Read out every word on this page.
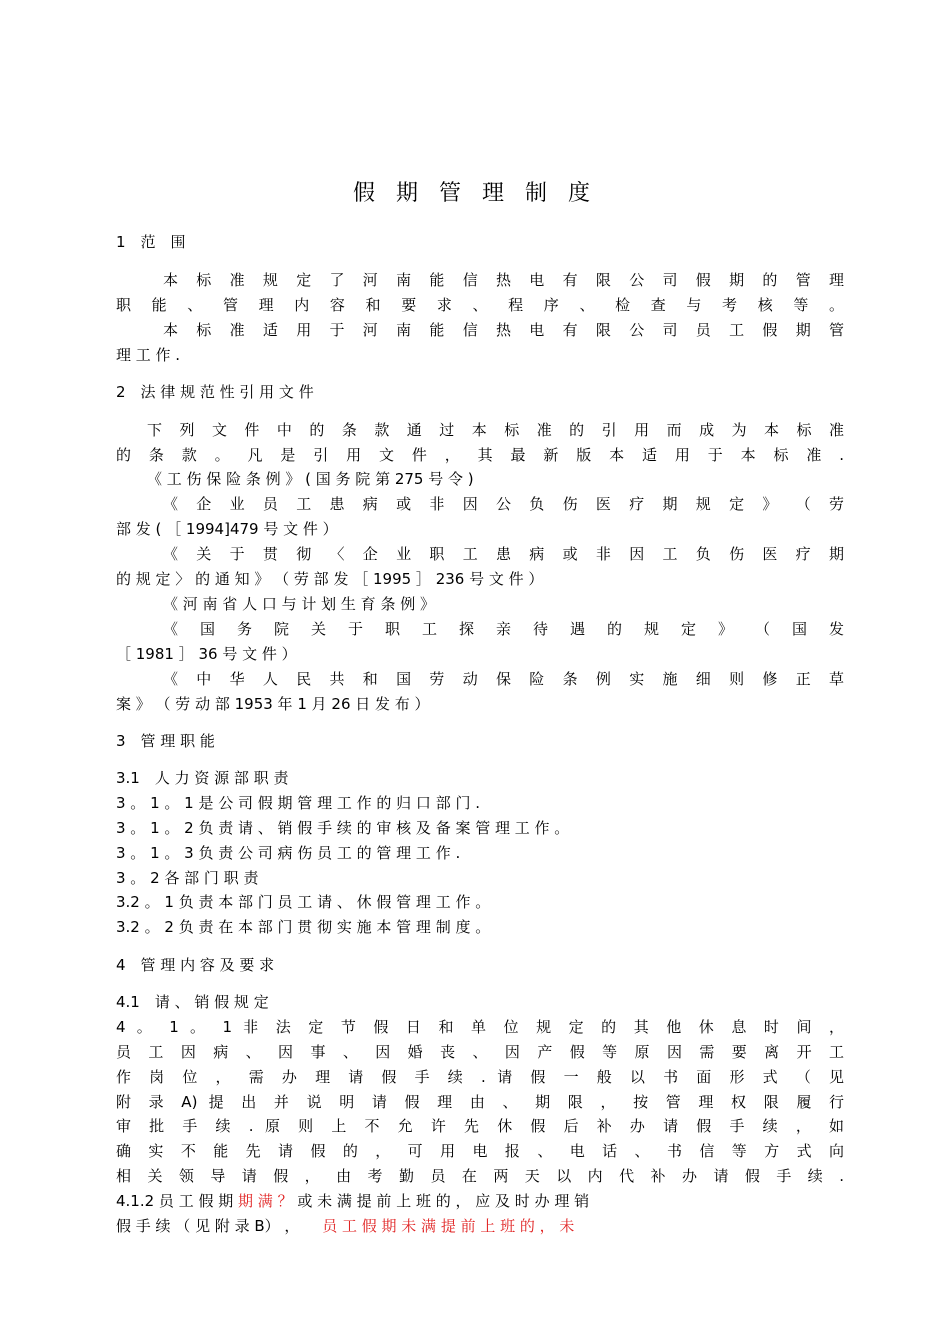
假 期 管 理 制 度
1　范　围
本 标 准 规 定 了 河 南 能 信 热 电 有 限 公 司 假 期 的 管 理
职 能 、 管 理 内 容 和 要 求 、 程 序 、 检 查 与 考 核 等 。
本 标 准 适 用 于 河 南 能 信 热 电 有 限 公 司 员 工 假 期 管
理 工 作 .
2　法 律 规 范 性 引 用 文 件
下 列 文 件 中 的 条 款 通 过 本 标 准 的 引 用 而 成 为 本 标 准
的 条 款 。 凡 是 引 用 文 件 ， 其 最 新 版 本 适 用 于 本 标 准 .
《 工 伤 保 险 条 例 》 ( 国 务 院 第 275 号 令 )
《 企 业 员 工 患 病 或 非 因 公 负 伤 医 疗 期 规 定 》 （ 劳
部 发 ( ［ 1994]479 号 文 件 ）
《 关 于 贯 彻 〈 企 业 职 工 患 病 或 非 因 工 负 伤 医 疗 期
的 规 定 〉 的 通 知 》 （ 劳 部 发 ［ 1995 ］ 236 号 文 件 ）
《 河 南 省 人 口 与 计 划 生 育 条 例 》
《 国 务 院 关 于 职 工 探 亲 待 遇 的 规 定 》 （ 国 发
［ 1981 ］ 36 号 文 件 ）
《 中 华 人 民 共 和 国 劳 动 保 险 条 例 实 施 细 则 修 正 草
案 》 （ 劳 动 部 1953 年 1 月 26 日 发 布 ）
3　管 理 职 能
3.1　人 力 资 源 部 职 责
3 。 1 。 1 是 公 司 假 期 管 理 工 作 的 归 口 部 门 .
3 。 1 。 2 负 责 请 、 销 假 手 续 的 审 核 及 备 案 管 理 工 作 。
3 。 1 。 3 负 责 公 司 病 伤 员 工 的 管 理 工 作 .
3 。 2 各 部 门 职 责
3.2 。 1 负 责 本 部 门 员 工 请 、 休 假 管 理 工 作 。
3.2 。 2 负 责 在 本 部 门 贯 彻 实 施 本 管 理 制 度 。
4　管 理 内 容 及 要 求
4.1　请 、 销 假 规 定
4 。 1 。 1 非 法 定 节 假 日 和 单 位 规 定 的 其 他 休 息 时 间 ，
员 工 因 病 、 因 事 、 因 婚 丧 、 因 产 假 等 原 因 需 要 离 开 工
作 岗 位 ， 需 办 理 请 假 手 续 . 请 假 一 般 以 书 面 形 式 （ 见
附 录 A) 提 出 并 说 明 请 假 理 由 、 期 限 ， 按 管 理 权 限 履 行
审 批 手 续 . 原 则 上 不 允 许 先 休 假 后 补 办 请 假 手 续 ， 如
确 实 不 能 先 请 假 的 ， 可 用 电 报 、 电 话 、 书 信 等 方 式 向
相 关 领 导 请 假 ， 由 考 勤 员 在 两 天 以 内 代 补 办 请 假 手 续 .
4.1.2 员 工 假 期 期 满 ？ 或 未 满 提 前 上 班 的 ， 应 及 时 办 理 销
假 手 续 （ 见 附 录 B） ， 员 工 假 期 未 满 提 前 上 班 的 ， 未
